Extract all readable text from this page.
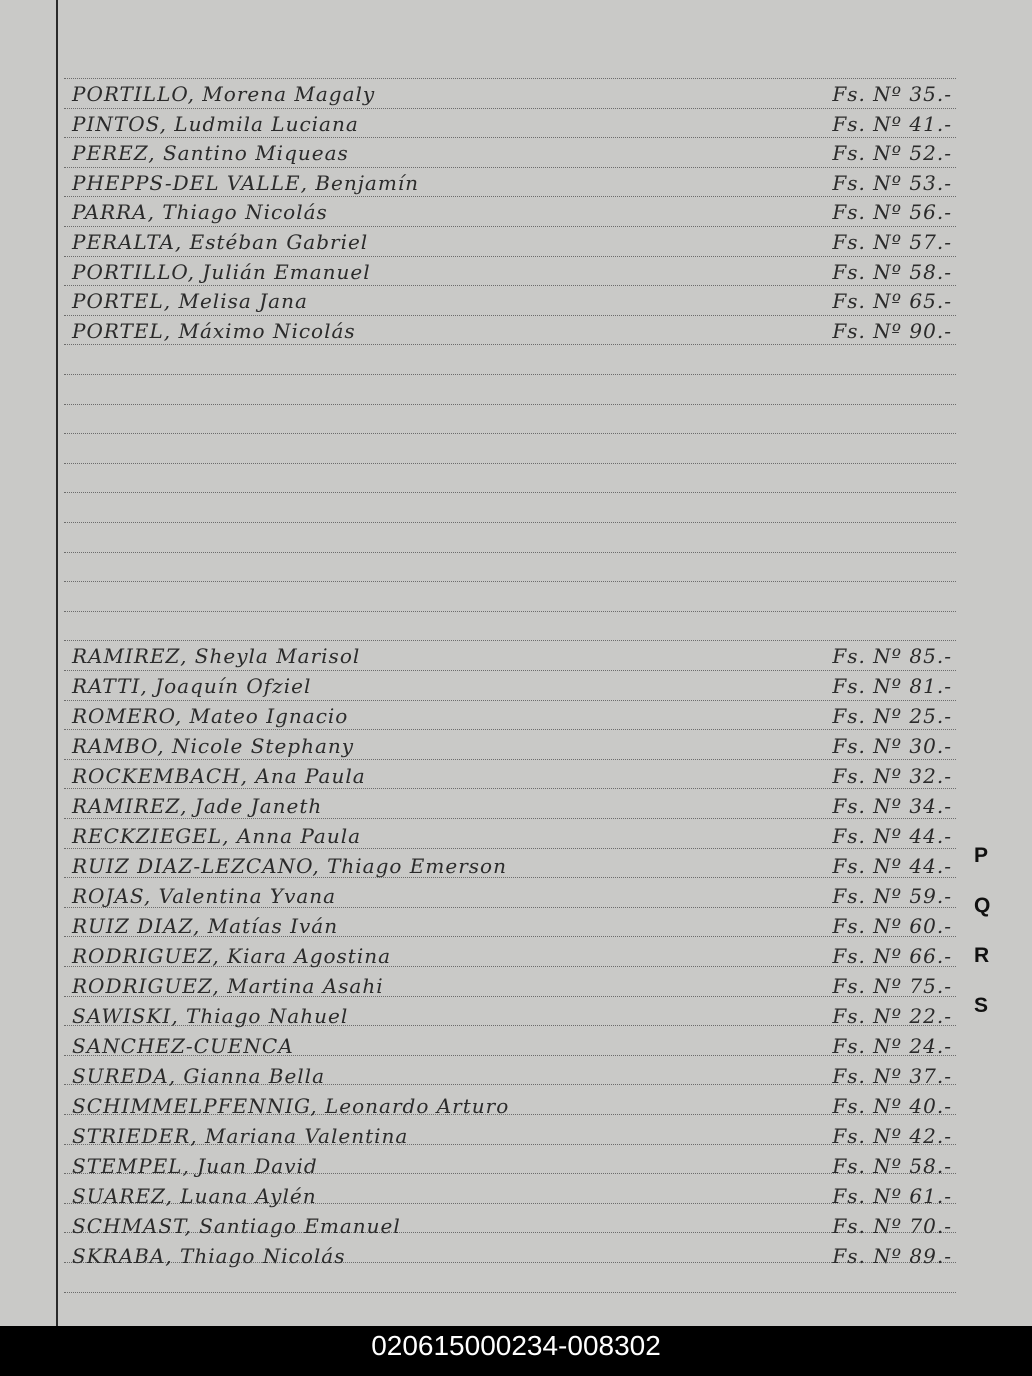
PORTILLO, Morena Magaly	Fs. Nº 35.-
PINTOS, Ludmila Luciana	Fs. Nº 41.-
PEREZ, Santino Miqueas	Fs. Nº 52.-
PHEPPS-DEL VALLE, Benjamín	Fs. Nº 53.-
PARRA, Thiago Nicolás	Fs. Nº 56.-
PERALTA, Estéban Gabriel	Fs. Nº 57.-
PORTILLO, Julián Emanuel	Fs. Nº 58.-
PORTEL, Melisa Jana	Fs. Nº 65.-
PORTEL, Máximo Nicolás	Fs. Nº 90.-
RAMIREZ, Sheyla Marisol	Fs. Nº 85.-
RATTI, Joaquín Ofziel	Fs. Nº 81.-
ROMERO, Mateo Ignacio	Fs. Nº 25.-
RAMBO, Nicole Stephany	Fs. Nº 30.-
ROCKEMBACH, Ana Paula	Fs. Nº 32.-
RAMIREZ, Jade Janeth	Fs. Nº 34.-
RECKZIEGEL, Anna Paula	Fs. Nº 44.-
RUIZ DIAZ-LEZCANO, Thiago Emerson	Fs. Nº 44.-
ROJAS, Valentina Yvana	Fs. Nº 59.-
RUIZ DIAZ, Matías Iván	Fs. Nº 60.-
RODRIGUEZ, Kiara Agostina	Fs. Nº 66.-
RODRIGUEZ, Martina Asahi	Fs. Nº 75.-
SAWISKI, Thiago Nahuel	Fs. Nº 22.-
SANCHEZ-CUENCA	Fs. Nº 24.-
SUREDA, Gianna Bella	Fs. Nº 37.-
SCHIMMELPFENNIG, Leonardo Arturo	Fs. Nº 40.-
STRIEDER, Mariana Valentina	Fs. Nº 42.-
STEMPEL, Juan David	Fs. Nº 58.-
SUAREZ, Luana Aylén	Fs. Nº 61.-
SCHMAST, Santiago Emanuel	Fs. Nº 70.-
SKRABA, Thiago Nicolás	Fs. Nº 89.-
P
Q
R
S
020615000234-008302
